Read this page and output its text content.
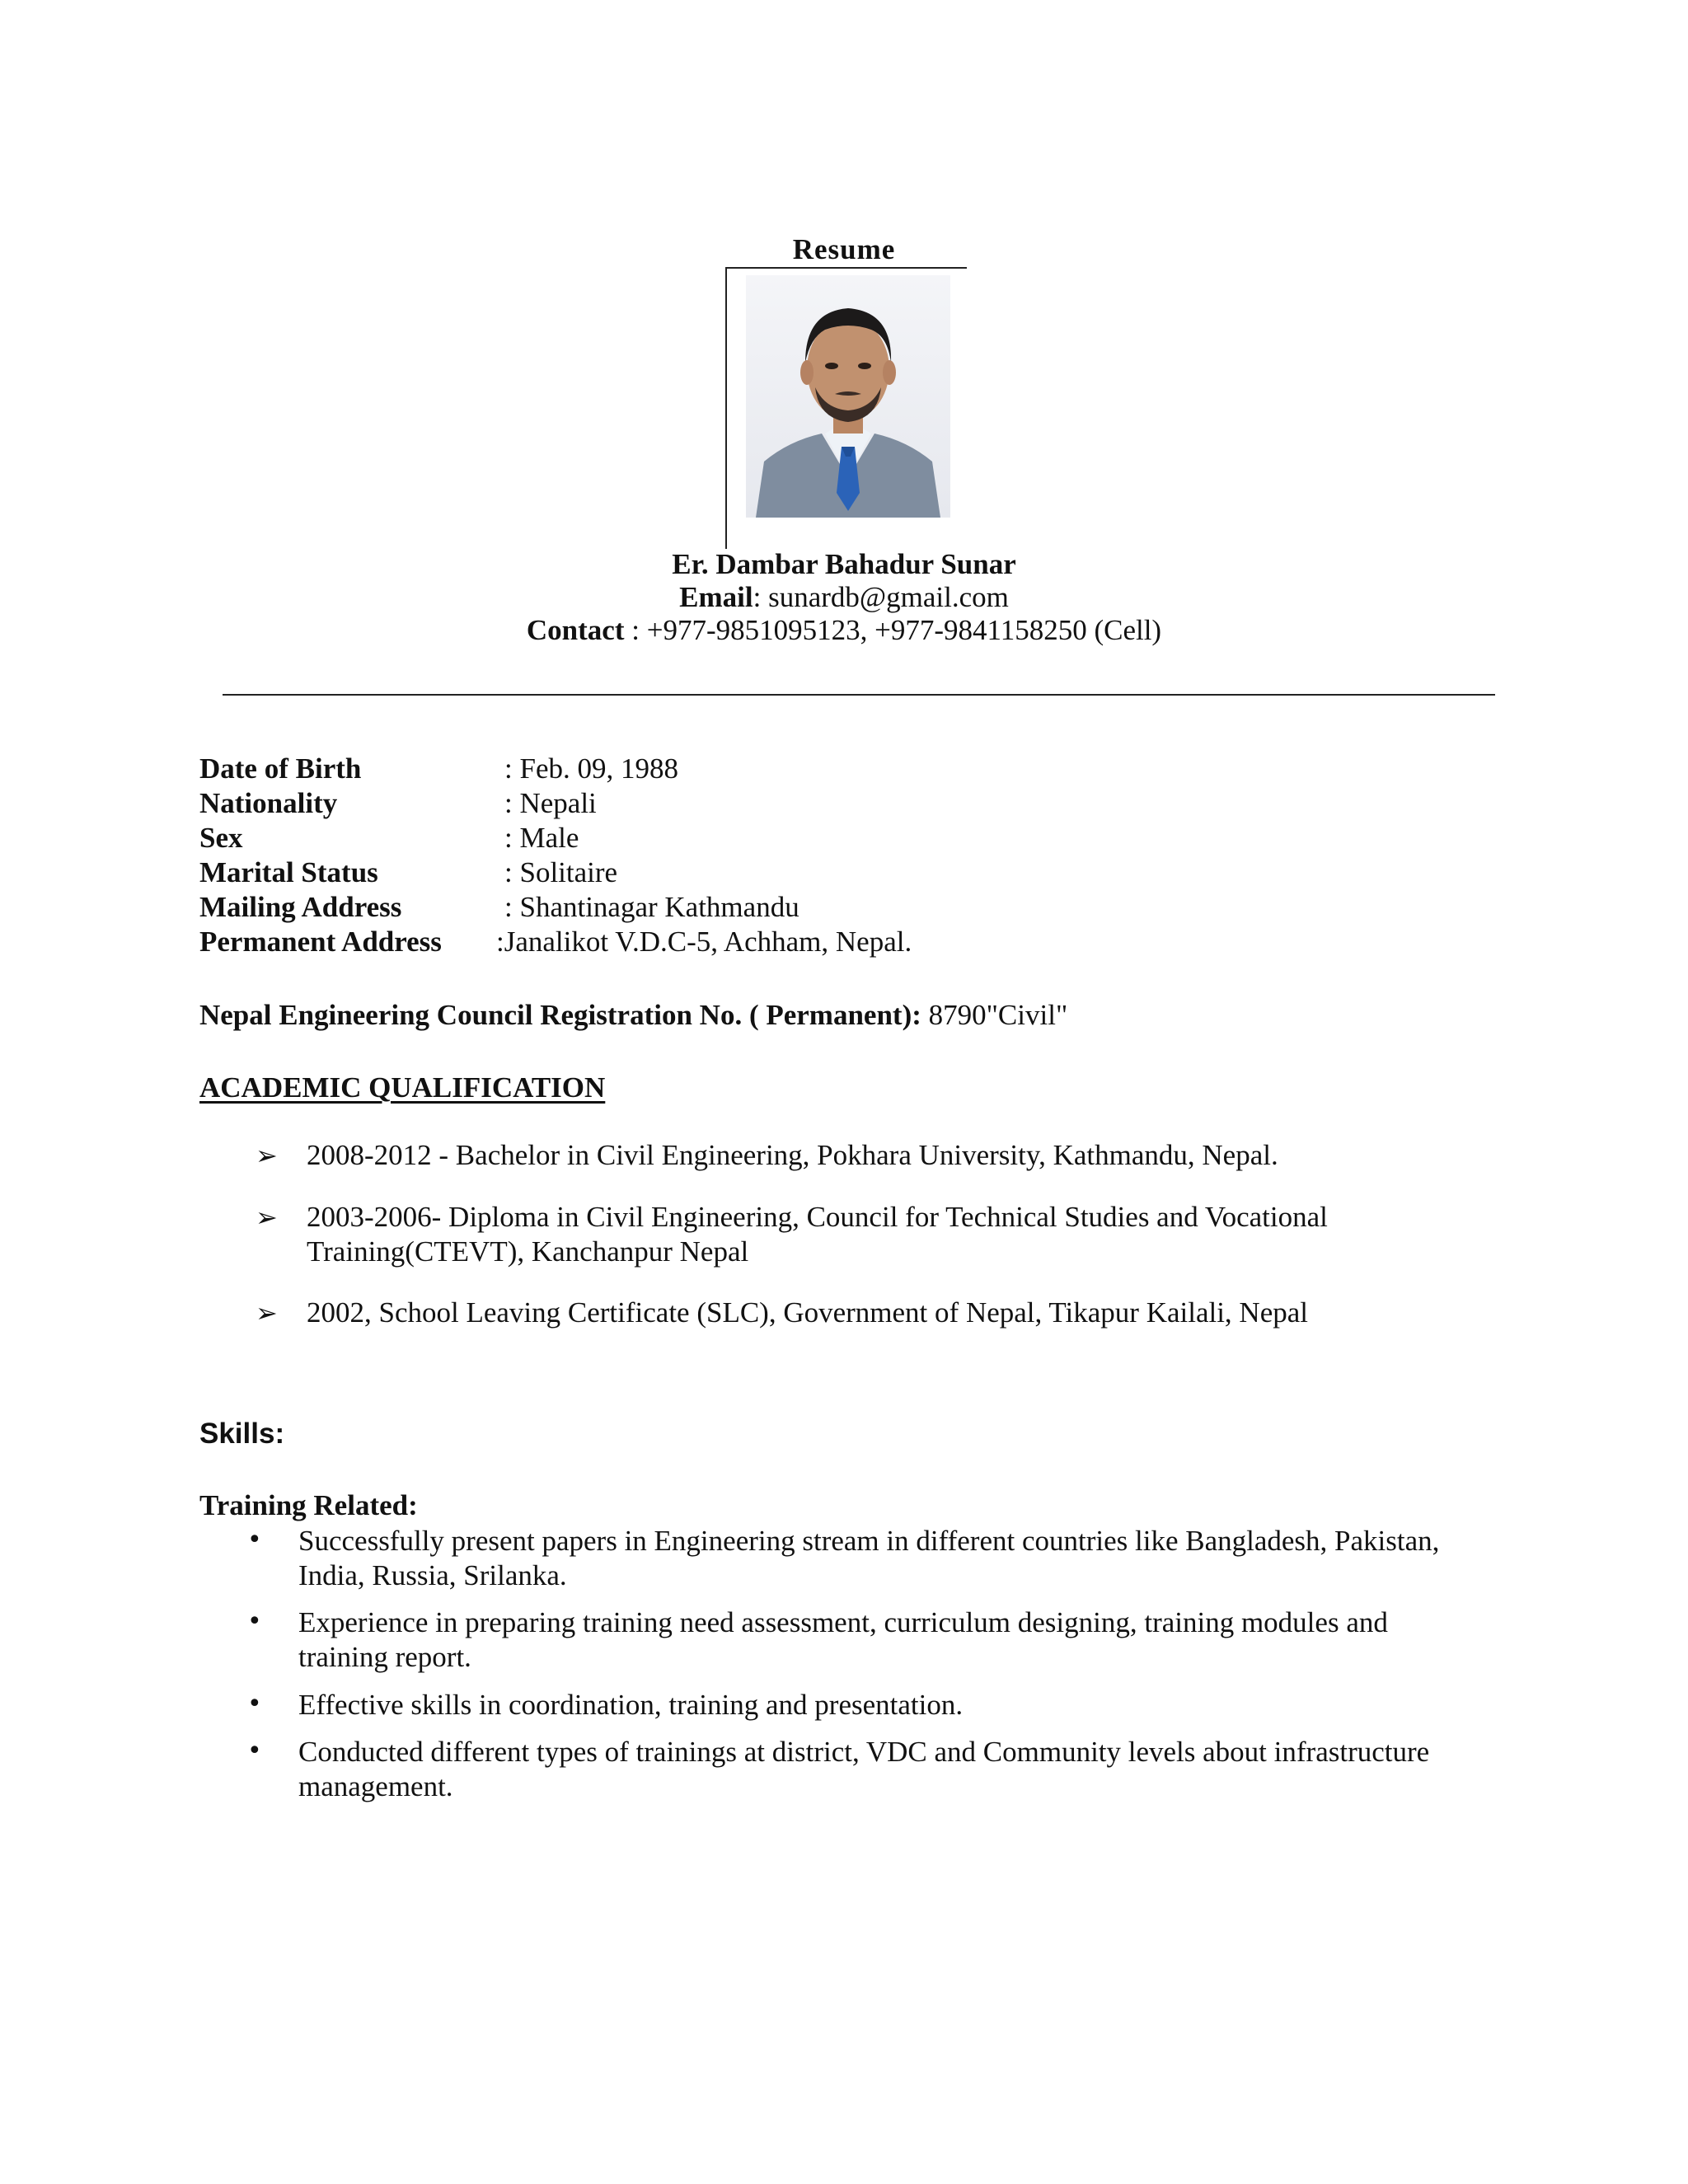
Resume
Er. Dambar Bahadur Sunar
Email: sunardb@gmail.com
Contact : +977-9851095123, +977-9841158250 (Cell)
Date of Birth	: Feb. 09, 1988
Nationality	: Nepali
Sex	: Male
Marital Status	: Solitaire
Mailing Address	: Shantinagar Kathmandu
Permanent Address :Janalikot V.D.C-5, Achham, Nepal.
Nepal Engineering Council Registration No. ( Permanent): 8790"Civil"
ACADEMIC QUALIFICATION
➢ 2008-2012 - Bachelor in Civil Engineering, Pokhara University, Kathmandu, Nepal.
➢ 2003-2006- Diploma in Civil Engineering, Council for Technical Studies and Vocational Training(CTEVT), Kanchanpur Nepal
➢ 2002, School Leaving Certificate (SLC), Government of Nepal, Tikapur Kailali, Nepal
Skills:
Training Related:
• Successfully present papers in Engineering stream in different countries like Bangladesh, Pakistan, India, Russia, Srilanka.
• Experience in preparing training need assessment, curriculum designing, training modules and training report.
• Effective skills in coordination, training and presentation.
• Conducted different types of trainings at district, VDC and Community levels about infrastructure management.
